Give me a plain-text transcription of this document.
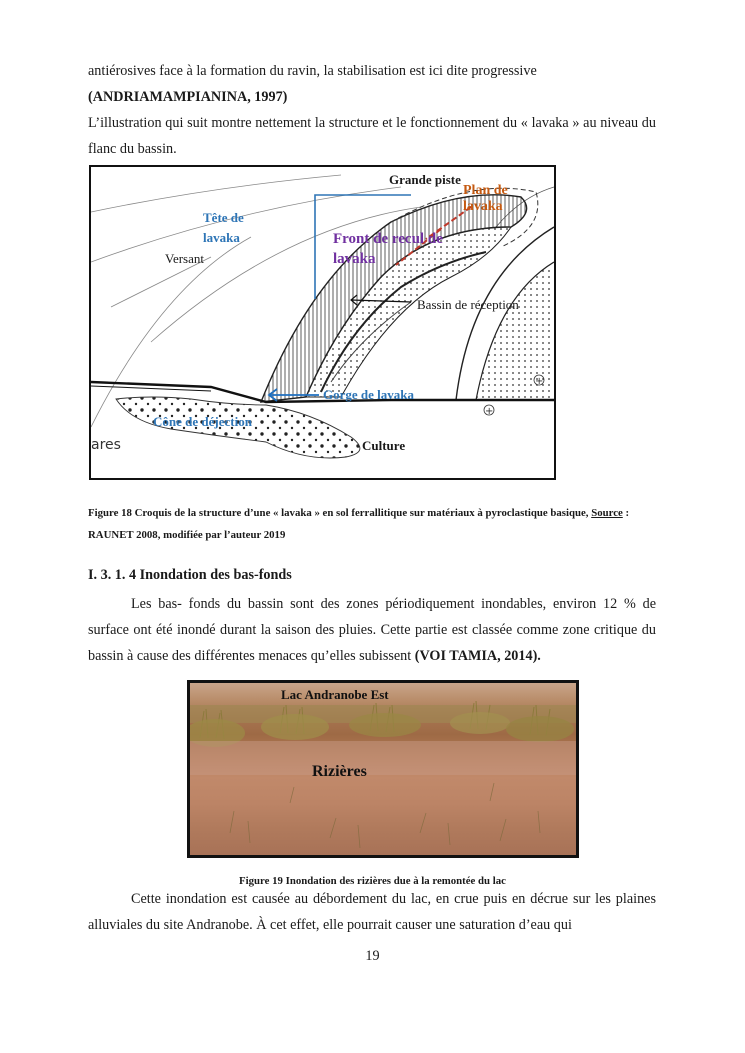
antiérosives face à la formation du ravin, la stabilisation est ici dite progressive
(ANDRIAMAMPIANINA, 1997)

L’illustration qui suit montre nettement la structure et le fonctionnement du « lavaka » au niveau du flanc du bassin.

+
+
Grande piste
Plan de lavaka
Tête de lavaka	Front de recul de lavaka
Versant
Bassin de réception
Gorge de lavaka
Cône de déjection
Culture
ares
Figure 18 Croquis de la structure d’une « lavaka » en sol ferrallitique sur matériaux à pyroclastique basique, Source : RAUNET 2008, modifiée par l’auteur 2019
I. 3. 1. 4 Inondation des bas-fonds

Les bas- fonds du bassin sont des zones périodiquement inondables, environ 12 % de surface ont été inondé durant la saison des pluies. Cette partie est classée comme zone critique du bassin à cause des différentes menaces qu’elles subissent (VOI TAMIA, 2014).

Lac Andranobe Est
Rizières
Figure 19 Inondation des rizières due à la remontée du lac

Cette inondation est causée au débordement du lac, en crue puis en décrue sur les plaines alluviales du site Andranobe. À cet effet, elle pourrait causer une saturation d’eau qui

19
